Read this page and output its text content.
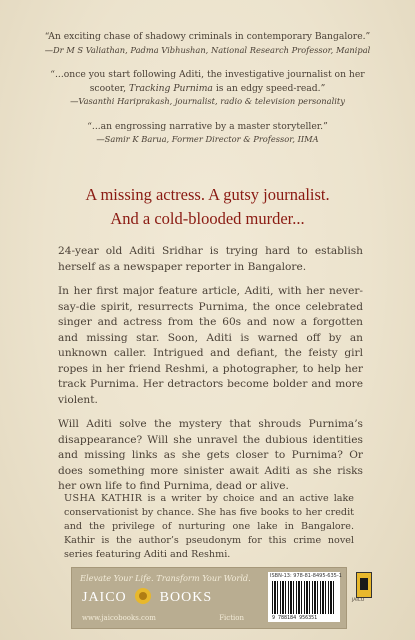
“An exciting chase of shadowy criminals in contemporary Bangalore.”
—Dr M S Valiathan, Padma Vibhushan, National Research Professor, Manipal
“...once you start following Aditi, the investigative journalist on her scooter, Tracking Purnima is an edgy speed-read.”
—Vasanthi Hariprakash, journalist, radio & television personality
“...an engrossing narrative by a master storyteller.”
—Samir K Barua, Former Director & Professor, IIMA
A missing actress. A gutsy journalist.
And a cold-blooded murder...

24-year old Aditi Sridhar is trying hard to establish herself as a newspaper reporter in Bangalore.

In her first major feature article, Aditi, with her never-say-die spirit, resurrects Purnima, the once celebrated singer and actress from the 60s and now a forgotten and missing star. Soon, Aditi is warned off by an unknown caller. Intrigued and defiant, the feisty girl ropes in her friend Reshmi, a photographer, to help her track Purnima. Her detractors become bolder and more violent.

Will Aditi solve the mystery that shrouds Purnima’s disappearance? Will she unravel the dubious identities and missing links as she gets closer to Purnima? Or does something more sinister await Aditi as she risks her own life to find Purnima, dead or alive.

USHA KATHIR is a writer by choice and an active lake conservationist by chance. She has five books to her credit and the privilege of nurturing one lake in Bangalore. Kathir is the author’s pseudonym for this crime novel series featuring Aditi and Reshmi.
Elevate Your Life. Transform Your World.
JAICO BOOKS
www.jaicobooks.com	Fiction
ISBN-13: 978-81-8495-635-1
9 788184 956351
JAICO
